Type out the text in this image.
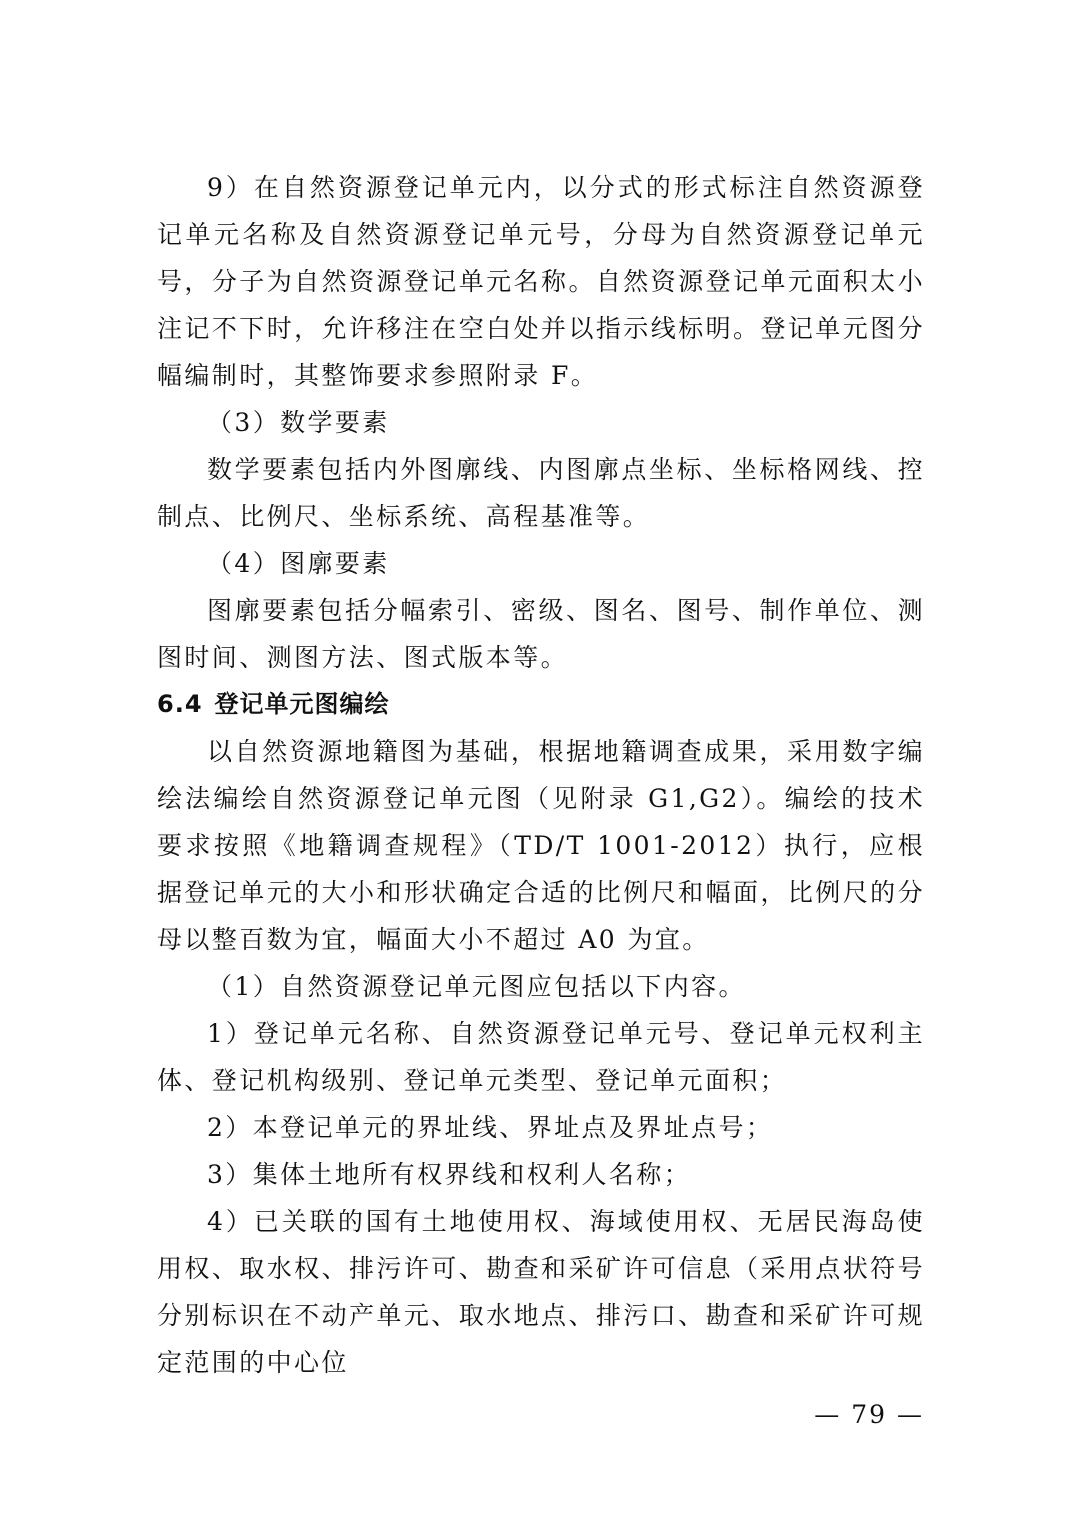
9）在自然资源登记单元内，以分式的形式标注自然资源登记单元名称及自然资源登记单元号，分母为自然资源登记单元号，分子为自然资源登记单元名称。自然资源登记单元面积太小注记不下时，允许移注在空白处并以指示线标明。登记单元图分幅编制时，其整饰要求参照附录 F。

（3）数学要素

数学要素包括内外图廓线、内图廓点坐标、坐标格网线、控制点、比例尺、坐标系统、高程基准等。

（4）图廓要素

图廓要素包括分幅索引、密级、图名、图号、制作单位、测图时间、测图方法、图式版本等。

6.4 登记单元图编绘

以自然资源地籍图为基础，根据地籍调查成果，采用数字编绘法编绘自然资源登记单元图（见附录 G1,G2）。编绘的技术要求按照《地籍调查规程》（TD/T 1001-2012）执行，应根据登记单元的大小和形状确定合适的比例尺和幅面，比例尺的分母以整百数为宜，幅面大小不超过 A0 为宜。

（1）自然资源登记单元图应包括以下内容。

1）登记单元名称、自然资源登记单元号、登记单元权利主体、登记机构级别、登记单元类型、登记单元面积；

2）本登记单元的界址线、界址点及界址点号；

3）集体土地所有权界线和权利人名称；

4）已关联的国有土地使用权、海域使用权、无居民海岛使用权、取水权、排污许可、勘查和采矿许可信息（采用点状符号分别标识在不动产单元、取水地点、排污口、勘查和采矿许可规定范围的中心位

— 79 —
